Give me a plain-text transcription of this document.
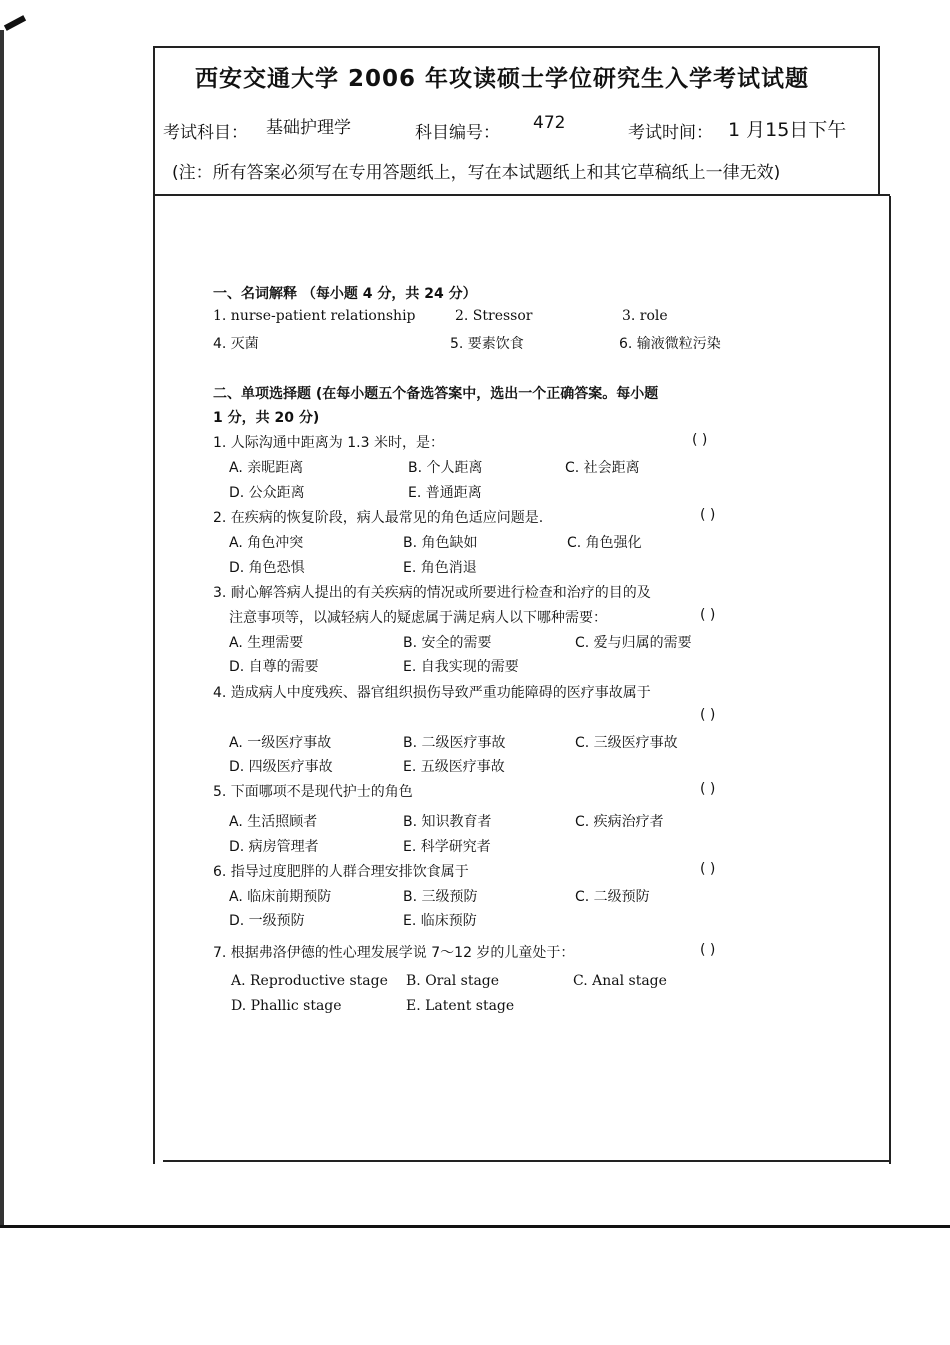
西安交通大学 2006 年攻读硕士学位研究生入学考试试题
考试科目： 基础护理学	科目编号： 472	考试时间： 1 月15日下午
(注：所有答案必须写在专用答题纸上，写在本试题纸上和其它草稿纸上一律无效)
一、名词解释 （每小题 4 分，共 24 分）
1. nurse-patient relationship	2. Stressor	3. role
4. 灭菌	5. 要素饮食	6. 输液微粒污染
二、单项选择题 (在每小题五个备选答案中，选出一个正确答案。每小题
1 分，共 20 分)
1. 人际沟通中距离为 1.3 米时，是：	( )
A. 亲昵距离	B. 个人距离	C. 社会距离
D. 公众距离	E. 普通距离
2. 在疾病的恢复阶段，病人最常见的角色适应问题是.	( )
A. 角色冲突	B. 角色缺如	C. 角色强化
D. 角色恐惧	E. 角色消退
3. 耐心解答病人提出的有关疾病的情况或所要进行检查和治疗的目的及
注意事项等，以减轻病人的疑虑属于满足病人以下哪种需要：	( )
A. 生理需要	B. 安全的需要	C. 爱与归属的需要
D. 自尊的需要	E. 自我实现的需要
4. 造成病人中度残疾、器官组织损伤导致严重功能障碍的医疗事故属于
( )
A. 一级医疗事故	B. 二级医疗事故	C. 三级医疗事故
D. 四级医疗事故	E. 五级医疗事故
5. 下面哪项不是现代护士的角色	( )
A. 生活照顾者	B. 知识教育者	C. 疾病治疗者
D. 病房管理者	E. 科学研究者
6. 指导过度肥胖的人群合理安排饮食属于	( )
A. 临床前期预防	B. 三级预防	C. 二级预防
D. 一级预防	E. 临床预防
7. 根据弗洛伊德的性心理发展学说 7～12 岁的儿童处于：	( )
A. Reproductive stage B. Oral stage	C. Anal stage
D. Phallic stage	E. Latent stage
